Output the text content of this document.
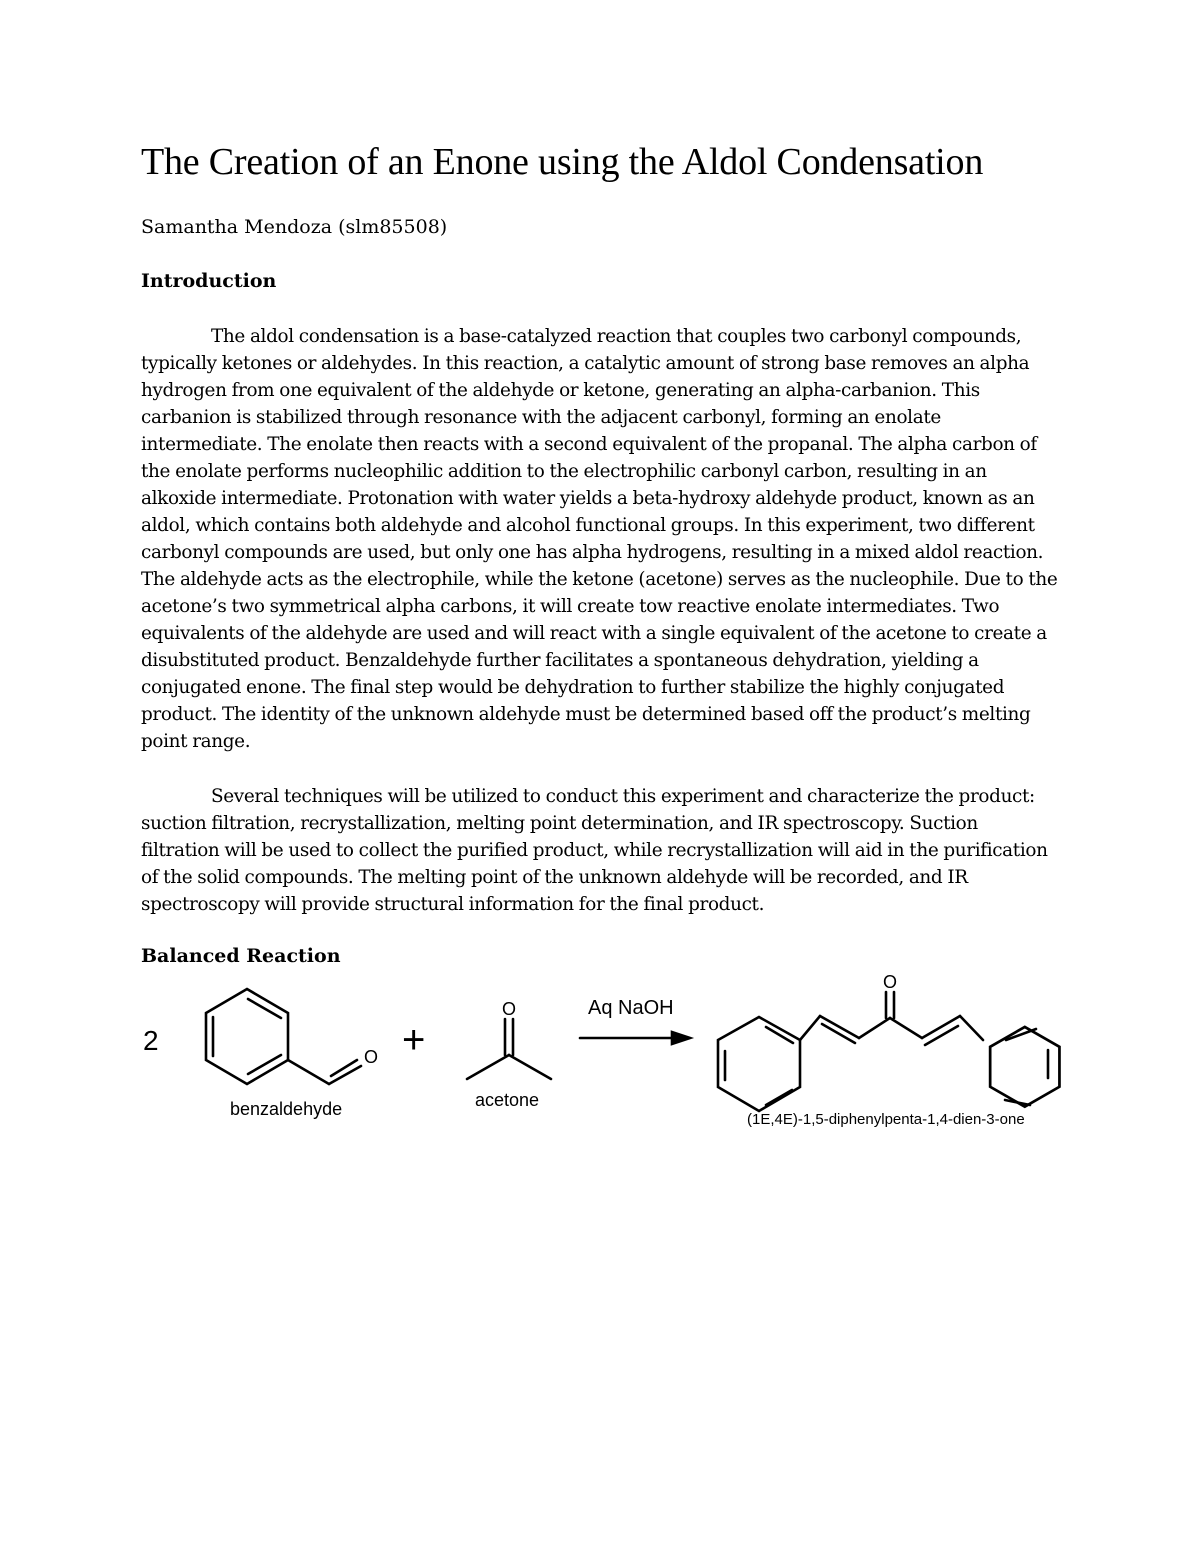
The Creation of an Enone using the Aldol Condensation

Samantha Mendoza (slm85508)

Introduction

The aldol condensation is a base-catalyzed reaction that couples two carbonyl compounds, typically ketones or aldehydes. In this reaction, a catalytic amount of strong base removes an alpha hydrogen from one equivalent of the aldehyde or ketone, generating an alpha-carbanion. This carbanion is stabilized through resonance with the adjacent carbonyl, forming an enolate intermediate. The enolate then reacts with a second equivalent of the propanal. The alpha carbon of the enolate performs nucleophilic addition to the electrophilic carbonyl carbon, resulting in an alkoxide intermediate. Protonation with water yields a beta-hydroxy aldehyde product, known as an aldol, which contains both aldehyde and alcohol functional groups. In this experiment, two different carbonyl compounds are used, but only one has alpha hydrogens, resulting in a mixed aldol reaction. The aldehyde acts as the electrophile, while the ketone (acetone) serves as the nucleophile. Due to the acetone’s two symmetrical alpha carbons, it will create tow reactive enolate intermediates. Two equivalents of the aldehyde are used and will react with a single equivalent of the acetone to create a disubstituted product. Benzaldehyde further facilitates a spontaneous dehydration, yielding a conjugated enone. The final step would be dehydration to further stabilize the highly conjugated product. The identity of the unknown aldehyde must be determined based off the product’s melting point range.

Several techniques will be utilized to conduct this experiment and characterize the product: suction filtration, recrystallization, melting point determination, and IR spectroscopy. Suction filtration will be used to collect the purified product, while recrystallization will aid in the purification of the solid compounds. The melting point of the unknown aldehyde will be recorded, and IR spectroscopy will provide structural information for the final product.

Balanced Reaction
2
O
benzaldehyde
+
O
acetone
Aq NaOH
O
(1E,4E)-1,5-diphenylpenta-1,4-dien-3-one
